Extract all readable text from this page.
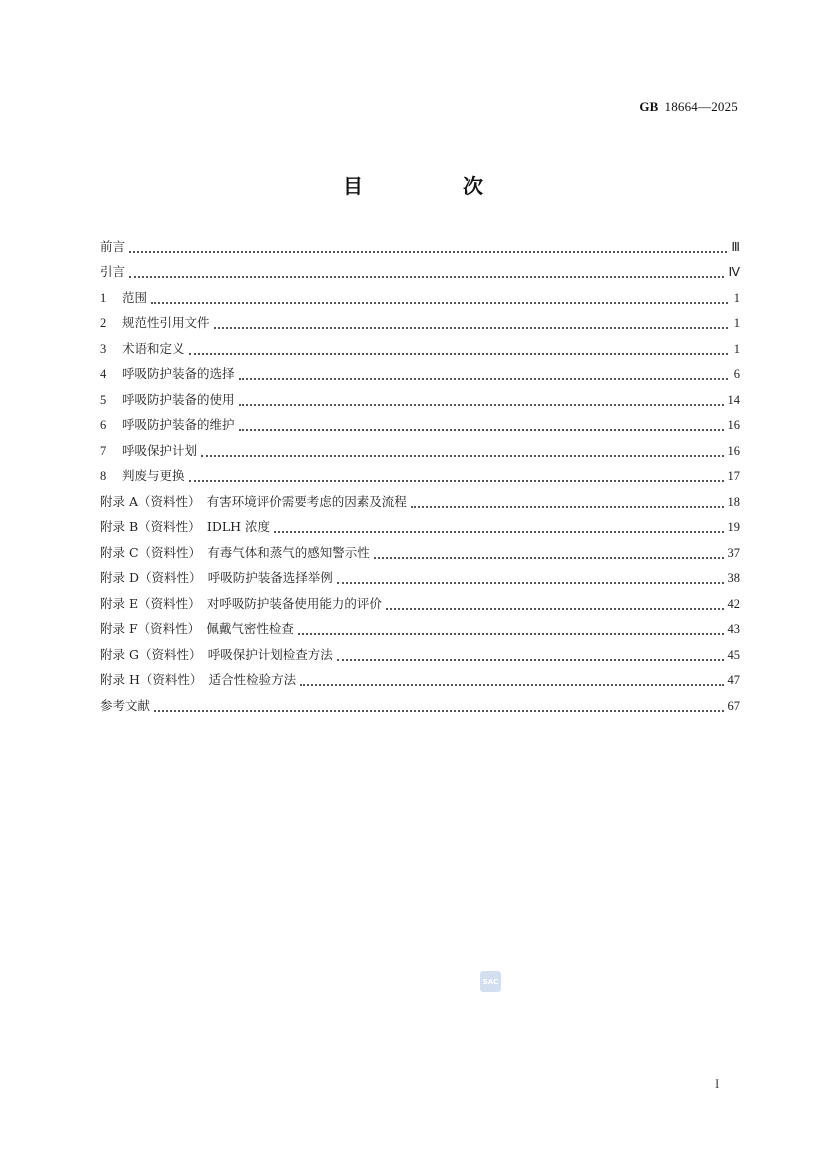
GB 18664—2025
目　次
前言	Ⅲ
引言	Ⅳ
1	范围	1
2	规范性引用文件	1
3	术语和定义	1
4	呼吸防护装备的选择	6
5	呼吸防护装备的使用	14
6	呼吸防护装备的维护	16
7	呼吸保护计划	16
8	判废与更换	17
附录 A（资料性）　有害环境评价需要考虑的因素及流程	18
附录 B（资料性）　IDLH 浓度	19
附录 C（资料性）　有毒气体和蒸气的感知警示性	37
附录 D（资料性）　呼吸防护装备选择举例	38
附录 E（资料性）　对呼吸防护装备使用能力的评价	42
附录 F（资料性）　佩戴气密性检查	43
附录 G（资料性）　呼吸保护计划检查方法	45
附录 H（资料性）　适合性检验方法	47
参考文献	67
SAC
I
